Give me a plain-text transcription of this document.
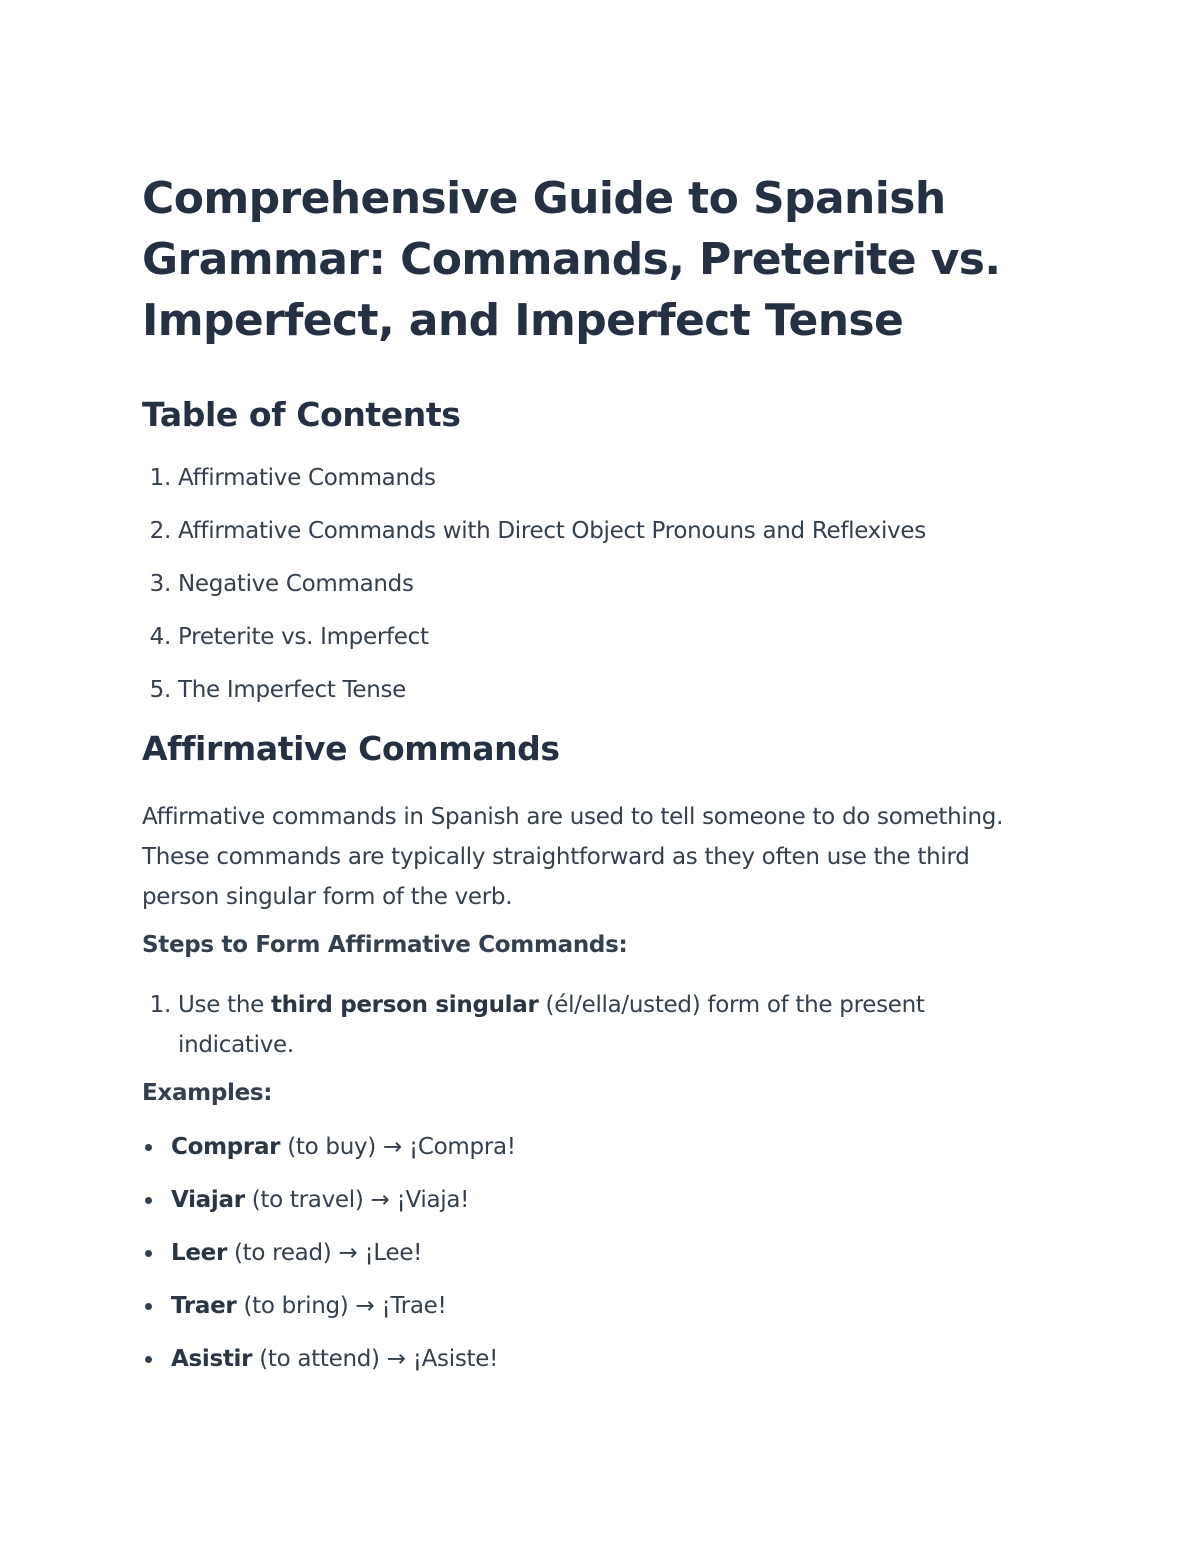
Comprehensive Guide to Spanish Grammar: Commands, Preterite vs. Imperfect, and Imperfect Tense
Table of Contents
1.
Affirmative Commands
2.
Affirmative Commands with Direct Object Pronouns and Reflexives
3.
Negative Commands
4.
Preterite vs. Imperfect
5.
The Imperfect Tense
Affirmative Commands

Affirmative commands in Spanish are used to tell someone to do something. These commands are typically straightforward as they often use the third person singular form of the verb.

Steps to Form Affirmative Commands:
1.
Use the third person singular (él/ella/usted) form of the present indicative.
Examples:
Comprar (to buy) → ¡Compra!
Viajar (to travel) → ¡Viaja!
Leer (to read) → ¡Lee!
Traer (to bring) → ¡Trae!
Asistir (to attend) → ¡Asiste!
